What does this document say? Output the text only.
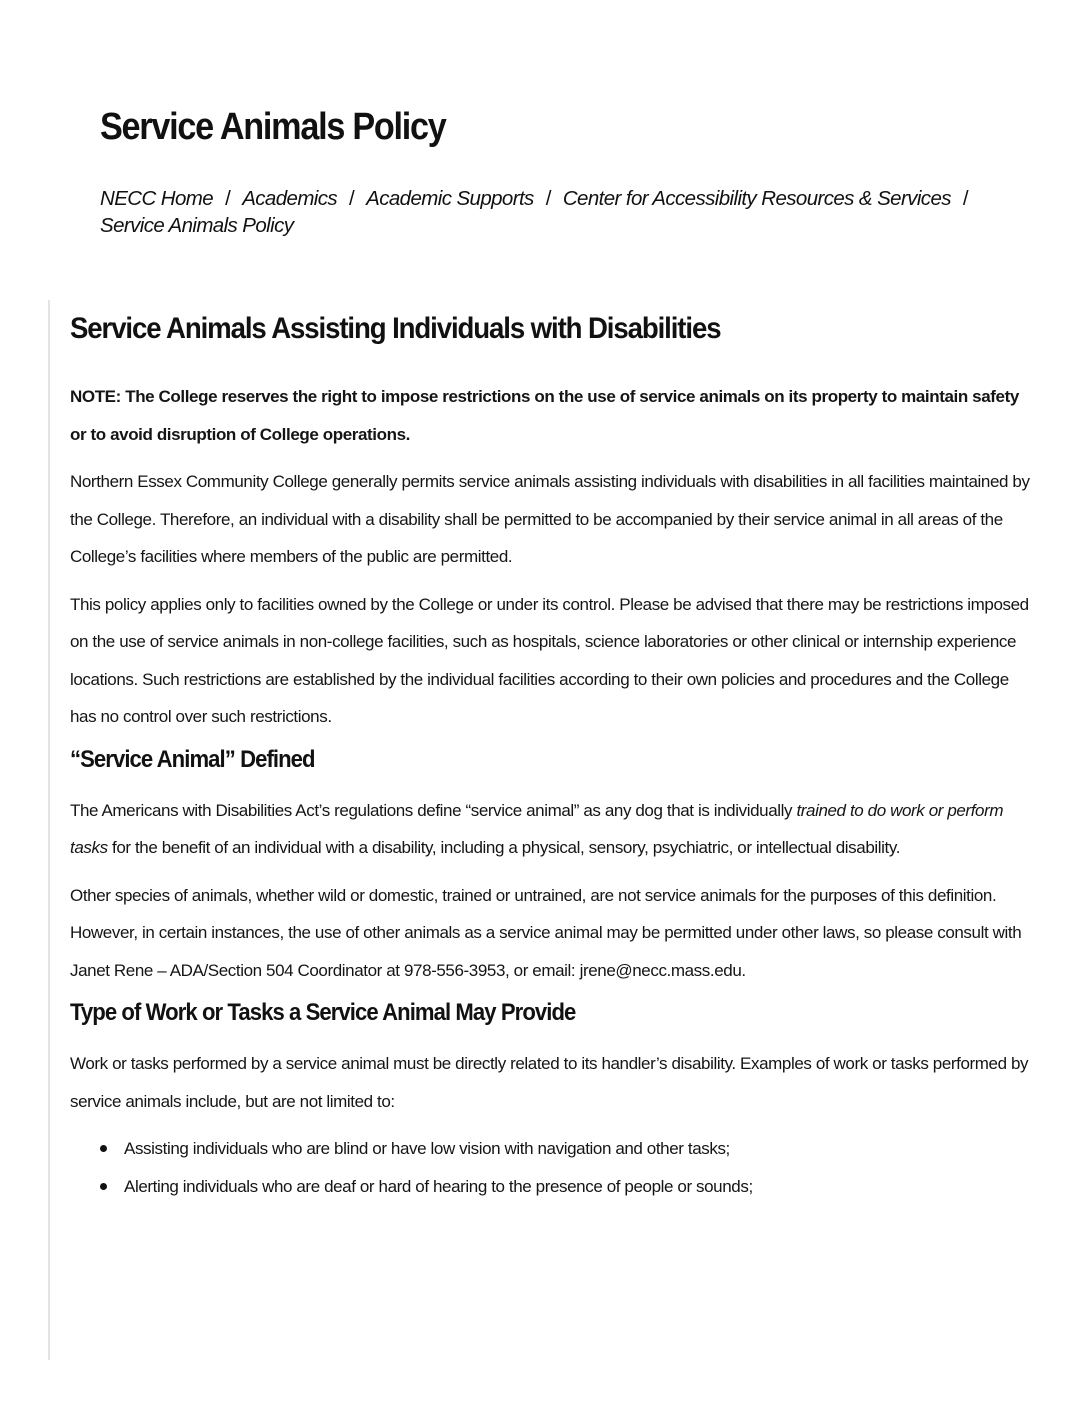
Service Animals Policy
NECC Home / Academics / Academic Supports / Center for Accessibility Resources & Services /Service Animals Policy
Service Animals Assisting Individuals with Disabilities

NOTE: The College reserves the right to impose restrictions on the use of service animals on its property to maintain safety or to avoid disruption of College operations.

Northern Essex Community College generally permits service animals assisting individuals with disabilities in all facilities maintained by the College. Therefore, an individual with a disability shall be permitted to be accompanied by their service animal in all areas of the College’s facilities where members of the public are permitted.

This policy applies only to facilities owned by the College or under its control. Please be advised that there may be restrictions imposed on the use of service animals in non-college facilities, such as hospitals, science laboratories or other clinical or internship experience locations. Such restrictions are established by the individual facilities according to their own policies and procedures and the College has no control over such restrictions.

“Service Animal” Defined

The Americans with Disabilities Act’s regulations define “service animal” as any dog that is individually trained to do work or perform tasks for the benefit of an individual with a disability, including a physical, sensory, psychiatric, or intellectual disability.

Other species of animals, whether wild or domestic, trained or untrained, are not service animals for the purposes of this definition. However, in certain instances, the use of other animals as a service animal may be permitted under other laws, so please consult with Janet Rene – ADA/Section 504 Coordinator at 978-556-3953, or email: jrene@necc.mass.edu.

Type of Work or Tasks a Service Animal May Provide

Work or tasks performed by a service animal must be directly related to its handler’s disability. Examples of work or tasks performed by service animals include, but are not limited to:

Assisting individuals who are blind or have low vision with navigation and other tasks;
Alerting individuals who are deaf or hard of hearing to the presence of people or sounds;
